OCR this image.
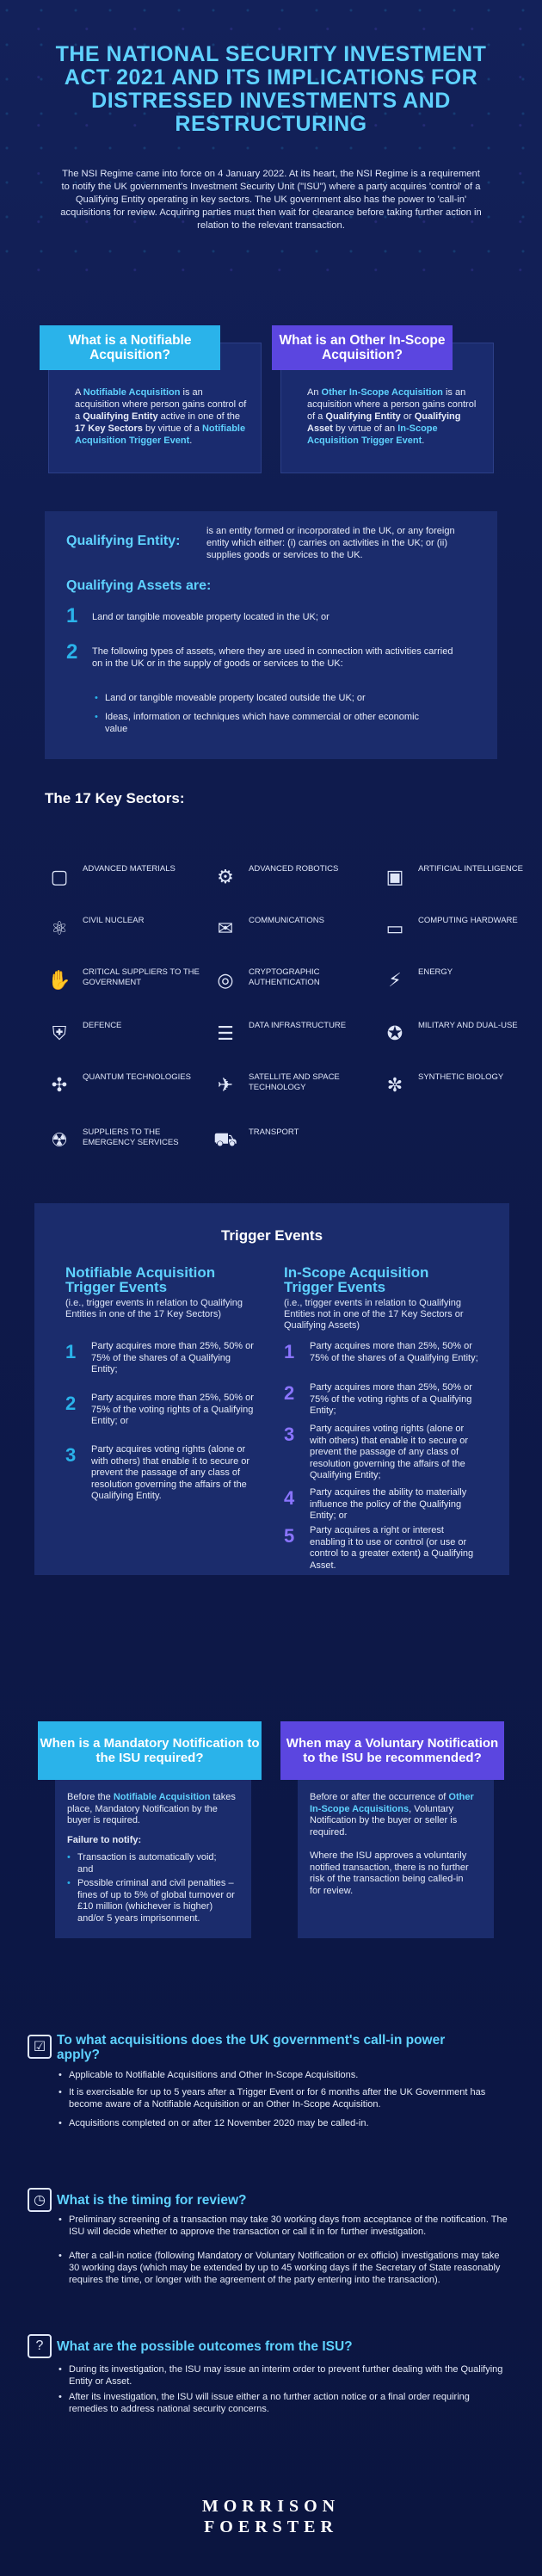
THE NATIONAL SECURITY INVESTMENT ACT 2021 AND ITS IMPLICATIONS FOR DISTRESSED INVESTMENTS AND RESTRUCTURING

The NSI Regime came into force on 4 January 2022. At its heart, the NSI Regime is a requirement to notify the UK government's Investment Security Unit ("ISU") where a party acquires 'control' of a Qualifying Entity operating in key sectors. The UK government also has the power to 'call-in' acquisitions for review. Acquiring parties must then wait for clearance before taking further action in relation to the relevant transaction.

A Notifiable Acquisition is an acquisition where person gains control of a Qualifying Entity active in one of the 17 Key Sectors by virtue of a Notifiable Acquisition Trigger Event.
What is a Notifiable Acquisition?
An Other In-Scope Acquisition is an acquisition where a person gains control of a Qualifying Entity or Qualifying Asset by virtue of an In-Scope Acquisition Trigger Event.
What is an Other In-Scope Acquisition?
Qualifying Entity:
is an entity formed or incorporated in the UK, or any foreign entity which either: (i) carries on activities in the UK; or (ii) supplies goods or services to the UK.
Qualifying Assets are:
1 Land or tangible moveable property located in the UK; or
2 The following types of assets, where they are used in connection with activities carried on in the UK or in the supply of goods or services to the UK:
• Land or tangible moveable property located outside the UK; or
• Ideas, information or techniques which have commercial or other economic value
The 17 Key Sectors:
▢	ADVANCED MATERIALS	⚙	ADVANCED ROBOTICS	▣	ARTIFICIAL INTELLIGENCE
⚛	CIVIL NUCLEAR	✉	COMMUNICATIONS	▭	COMPUTING HARDWARE
✋	CRITICAL SUPPLIERS TO THE GOVERNMENT	◎	CRYPTOGRAPHIC AUTHENTICATION	⚡	ENERGY
⛨	DEFENCE	☰	DATA INFRASTRUCTURE	✪	MILITARY AND DUAL-USE
✣	QUANTUM TECHNOLOGIES	✈	SATELLITE AND SPACE TECHNOLOGY	✼	SYNTHETIC BIOLOGY
☢	SUPPLIERS TO THE EMERGENCY SERVICES	⛟	TRANSPORT
Trigger Events
Notifiable Acquisition Trigger Events
(i.e., trigger events in relation to Qualifying Entities in one of the 17 Key Sectors)
1 Party acquires more than 25%, 50% or 75% of the shares of a Qualifying Entity;
2 Party acquires more than 25%, 50% or 75% of the voting rights of a Qualifying Entity; or
3 Party acquires voting rights (alone or with others) that enable it to secure or prevent the passage of any class of resolution governing the affairs of the Qualifying Entity.
In-Scope Acquisition Trigger Events
(i.e., trigger events in relation to Qualifying Entities not in one of the 17 Key Sectors or Qualifying Assets)
1 Party acquires more than 25%, 50% or 75% of the shares of a Qualifying Entity;
2 Party acquires more than 25%, 50% or 75% of the voting rights of a Qualifying Entity;
3 Party acquires voting rights (alone or with others) that enable it to secure or prevent the passage of any class of resolution governing the affairs of the Qualifying Entity;
4 Party acquires the ability to materially influence the policy of the Qualifying Entity; or
5 Party acquires a right or interest enabling it to use or control (or use or control to a greater extent) a Qualifying Asset.
Before the Notifiable Acquisition takes place, Mandatory Notification by the buyer is required.
Failure to notify:
• Transaction is automatically void; and
• Possible criminal and civil penalties – fines of up to 5% of global turnover or £10 million (whichever is higher) and/or 5 years imprisonment.
When is a Mandatory Notification to the ISU required?
Before or after the occurrence of Other In-Scope Acquisitions, Voluntary Notification by the buyer or seller is required.
Where the ISU approves a voluntarily notified transaction, there is no further risk of the transaction being called-in for review.
When may a Voluntary Notification to the ISU be recommended?
☑ To what acquisitions does the UK government's call-in power apply?
• Applicable to Notifiable Acquisitions and Other In-Scope Acquisitions.
• It is exercisable for up to 5 years after a Trigger Event or for 6 months after the UK Government has become aware of a Notifiable Acquisition or an Other In-Scope Acquisition.
• Acquisitions completed on or after 12 November 2020 may be called-in.
◷ What is the timing for review?
• Preliminary screening of a transaction may take 30 working days from acceptance of the notification. The ISU will decide whether to approve the transaction or call it in for further investigation.
• After a call-in notice (following Mandatory or Voluntary Notification or ex officio) investigations may take 30 working days (which may be extended by up to 45 working days if the Secretary of State reasonably requires the time, or longer with the agreement of the party entering into the transaction).
?	What are the possible outcomes from the ISU?
• During its investigation, the ISU may issue an interim order to prevent further dealing with the Qualifying Entity or Asset.
• After its investigation, the ISU will issue either a no further action notice or a final order requiring remedies to address national security concerns.
MORRISON
FOERSTER
